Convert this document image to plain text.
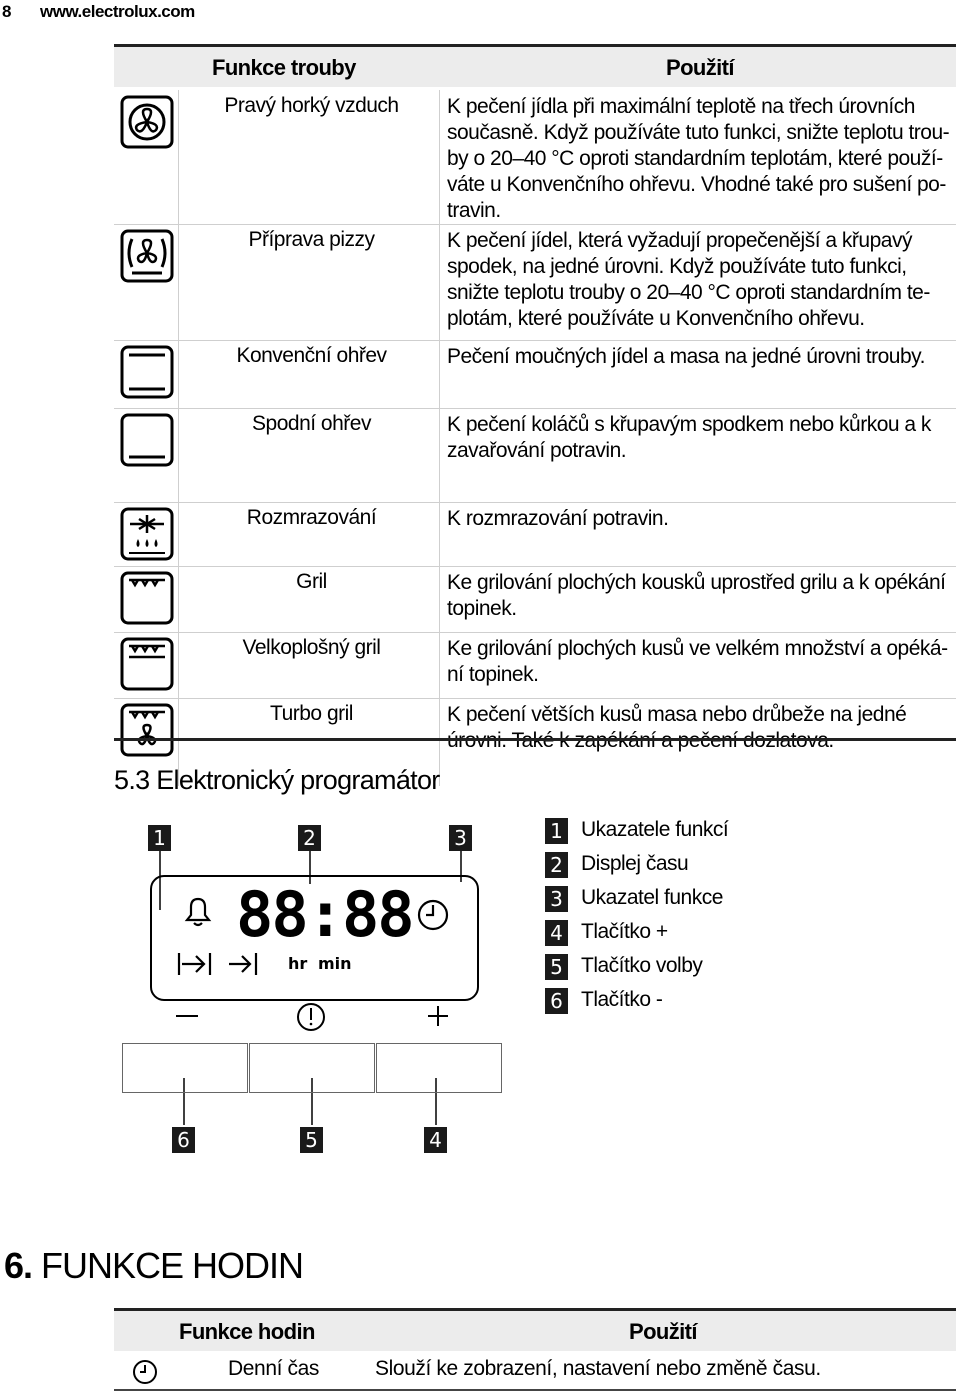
8 www.electrolux.com
Funkce trouby	Použití
Pravý horký vzduch	K pečení jídla při maximální teplotě na třech úrovních
současně. Když používáte tuto funkci, snižte teplotu trou-
by o 20–40 °C oproti standardním teplotám, které použí-
váte u Konvenčního ohřevu. Vhodné také pro sušení po-
travin.
Příprava pizzy	K pečení jídel, která vyžadují propečenější a křupavý
spodek, na jedné úrovni. Když používáte tuto funkci,
snižte teplotu trouby o 20–40 °C oproti standardním te-
plotám, které používáte u Konvenčního ohřevu.
Konvenční ohřev	Pečení moučných jídel a masa na jedné úrovni trouby.
Spodní ohřev	K pečení koláčů s křupavým spodkem nebo kůrkou a k
zavařování potravin.
Rozmrazování	K rozmrazování potravin.
Gril	Ke grilování plochých kousků uprostřed grilu a k opékání
topinek.
Velkoplošný gril	Ke grilování plochých kusů ve velkém množství a opéká-
ní topinek.
Turbo gril	K pečení větších kusů masa nebo drůbeže na jedné
5.3 Elektronický programátor
1	2	3
88:88
hr min
6	5	4
1 Ukazatele funkcí
2 Displej času
3 Ukazatel funkce
4 Tlačítko +
5 Tlačítko volby
6 Tlačítko -
6. FUNKCE HODIN
Funkce hodin	Použití
Denní čas	Slouží ke zobrazení, nastavení nebo změně času.
